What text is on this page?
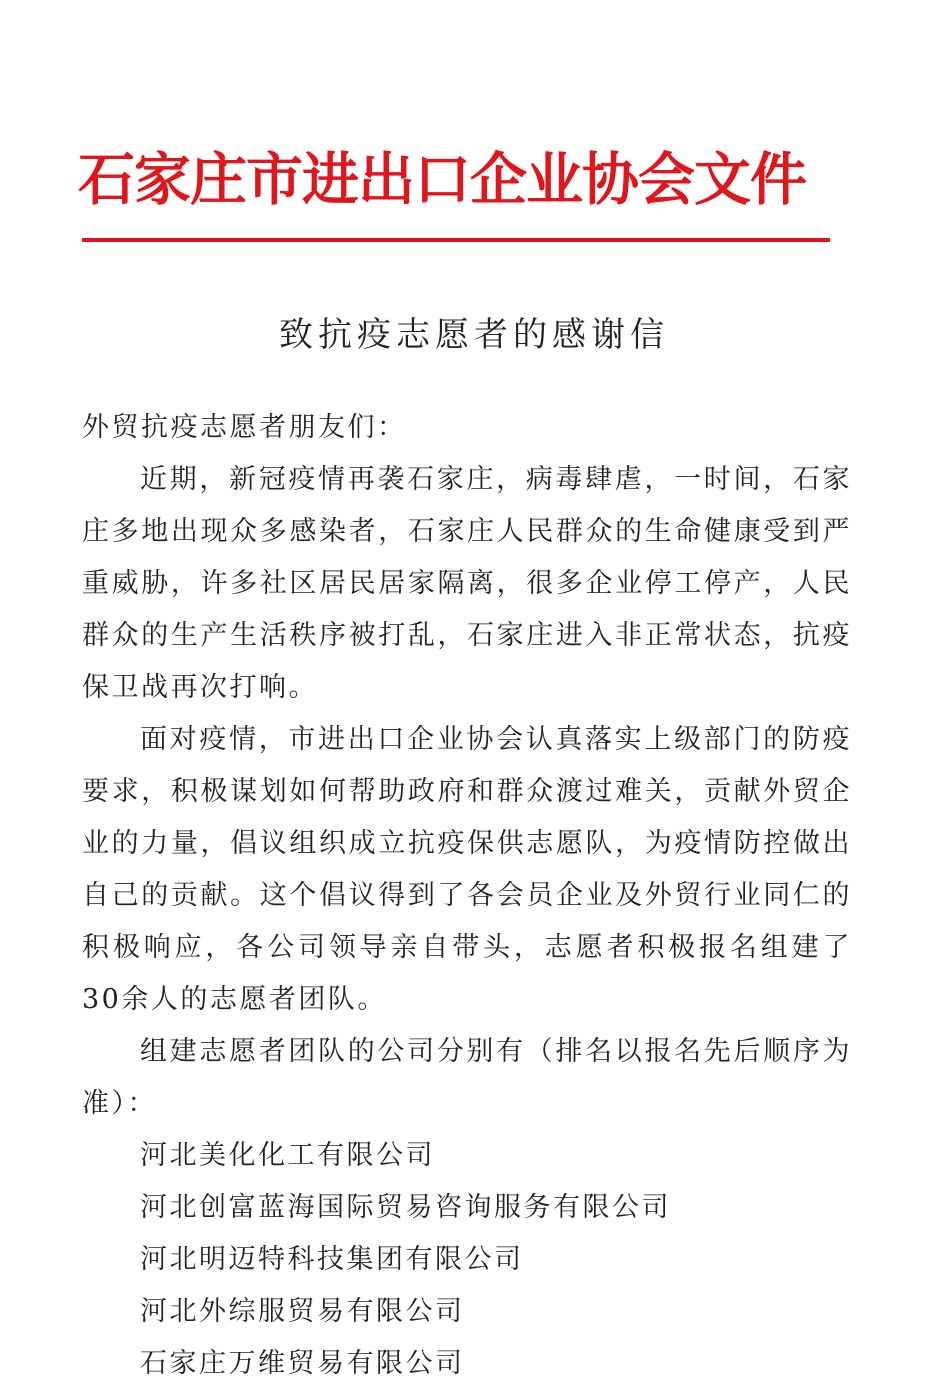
石家庄市进出口企业协会文件
致抗疫志愿者的感谢信

外贸抗疫志愿者朋友们：

近期，新冠疫情再袭石家庄，病毒肆虐，一时间，石家庄多地出现众多感染者，石家庄人民群众的生命健康受到严重威胁，许多社区居民居家隔离，很多企业停工停产，人民群众的生产生活秩序被打乱，石家庄进入非正常状态，抗疫保卫战再次打响。

面对疫情，市进出口企业协会认真落实上级部门的防疫要求，积极谋划如何帮助政府和群众渡过难关，贡献外贸企业的力量，倡议组织成立抗疫保供志愿队，为疫情防控做出自己的贡献。这个倡议得到了各会员企业及外贸行业同仁的积极响应，各公司领导亲自带头，志愿者积极报名组建了30余人的志愿者团队。

组建志愿者团队的公司分别有（排名以报名先后顺序为准）：

河北美化化工有限公司
河北创富蓝海国际贸易咨询服务有限公司
河北明迈特科技集团有限公司
河北外综服贸易有限公司
石家庄万维贸易有限公司
